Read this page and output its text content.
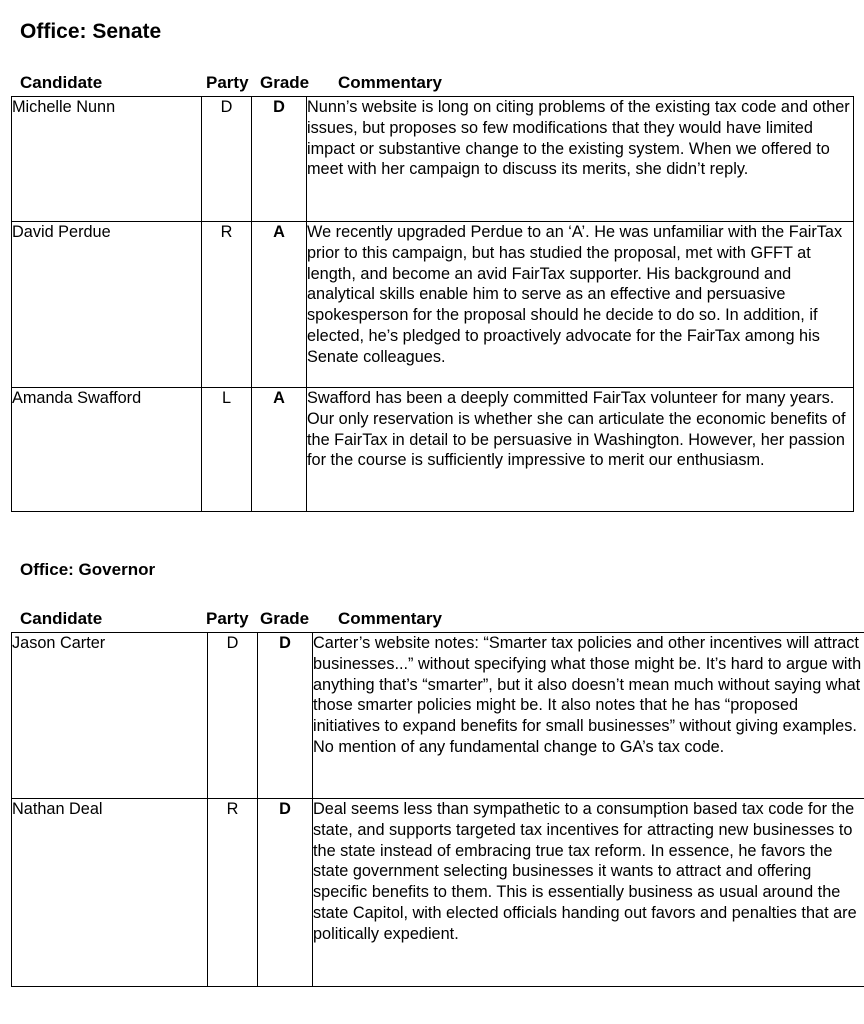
Office: Senate
Candidate	Party Grade Commentary
Michelle Nunn	D	D	Nunn’s website is long on citing problems of the existing tax code and other issues, but proposes so few modifications that they would have limited impact or substantive change to the existing system. When we offered to meet with her campaign to discuss its merits, she didn’t reply.

David Perdue	R	A	We recently upgraded Perdue to an ‘A’. He was unfamiliar with the FairTax prior to this campaign, but has studied the proposal, met with GFFT at length, and become an avid FairTax supporter. His background and analytical skills enable him to serve as an effective and persuasive spokesperson for the proposal should he decide to do so. In addition, if elected, he’s pledged to proactively advocate for the FairTax among his Senate colleagues.

Amanda Swafford	L	A	Swafford has been a deeply committed FairTax volunteer for many years. Our only reservation is whether she can articulate the economic benefits of the FairTax in detail to be persuasive in Washington. However, her passion for the course is sufficiently impressive to merit our enthusiasm.
Office: Governor
Candidate	Party Grade Commentary
Jason Carter	D	D	Carter’s website notes: “Smarter tax policies and other incentives will attract businesses...” without specifying what those might be. It’s hard to argue with anything that’s “smarter”, but it also doesn’t mean much without saying what those smarter policies might be. It also notes that he has “proposed initiatives to expand benefits for small businesses” without giving examples. No mention of any fundamental change to GA’s tax code.

Nathan Deal	R	D	Deal seems less than sympathetic to a consumption based tax code for the state, and supports targeted tax incentives for attracting new businesses to the state instead of embracing true tax reform. In essence, he favors the state government selecting businesses it wants to attract and offering specific benefits to them. This is essentially business as usual around the state Capitol, with elected officials handing out favors and penalties that are politically expedient.
